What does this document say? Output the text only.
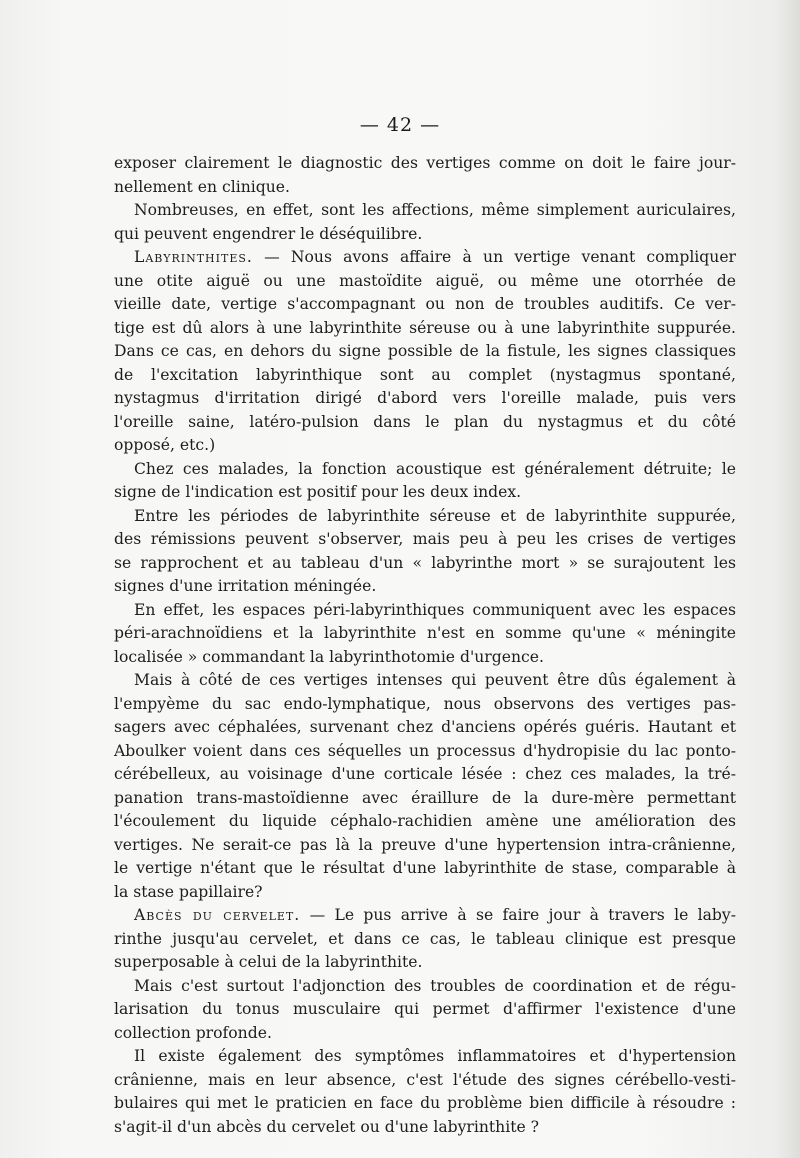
— 42 —
exposer clairement le diagnostic des vertiges comme on doit le faire jour-
nellement en clinique.
Nombreuses, en effet, sont les affections, même simplement auriculaires,
qui peuvent engendrer le déséquilibre.
Labyrinthites. — Nous avons affaire à un vertige venant compliquer
une otite aiguë ou une mastoïdite aiguë, ou même une otorrhée de
vieille date, vertige s'accompagnant ou non de troubles auditifs. Ce ver-
tige est dû alors à une labyrinthite séreuse ou à une labyrinthite suppurée.
Dans ce cas, en dehors du signe possible de la fistule, les signes classiques
de l'excitation labyrinthique sont au complet (nystagmus spontané,
nystagmus d'irritation dirigé d'abord vers l'oreille malade, puis vers
l'oreille saine, latéro-pulsion dans le plan du nystagmus et du côté
opposé, etc.)
Chez ces malades, la fonction acoustique est généralement détruite; le
signe de l'indication est positif pour les deux index.
Entre les périodes de labyrinthite séreuse et de labyrinthite suppurée,
des rémissions peuvent s'observer, mais peu à peu les crises de vertiges
se rapprochent et au tableau d'un « labyrinthe mort » se surajoutent les
signes d'une irritation méningée.
En effet, les espaces péri-labyrinthiques communiquent avec les espaces
péri-arachnoïdiens et la labyrinthite n'est en somme qu'une « méningite
localisée » commandant la labyrinthotomie d'urgence.
Mais à côté de ces vertiges intenses qui peuvent être dûs également à
l'empyème du sac endo-lymphatique, nous observons des vertiges pas-
sagers avec céphalées, survenant chez d'anciens opérés guéris. Hautant et
Aboulker voient dans ces séquelles un processus d'hydropisie du lac ponto-
cérébelleux, au voisinage d'une corticale lésée : chez ces malades, la tré-
panation trans-mastoïdienne avec éraillure de la dure-mère permettant
l'écoulement du liquide céphalo-rachidien amène une amélioration des
vertiges. Ne serait-ce pas là la preuve d'une hypertension intra-crânienne,
le vertige n'étant que le résultat d'une labyrinthite de stase, comparable à
la stase papillaire?
Abcès du cervelet. — Le pus arrive à se faire jour à travers le laby-
rinthe jusqu'au cervelet, et dans ce cas, le tableau clinique est presque
superposable à celui de la labyrinthite.
Mais c'est surtout l'adjonction des troubles de coordination et de régu-
larisation du tonus musculaire qui permet d'affirmer l'existence d'une
collection profonde.
Il existe également des symptômes inflammatoires et d'hypertension
crânienne, mais en leur absence, c'est l'étude des signes cérébello-vesti-
bulaires qui met le praticien en face du problème bien difficile à résoudre :
s'agit-il d'un abcès du cervelet ou d'une labyrinthite ?
